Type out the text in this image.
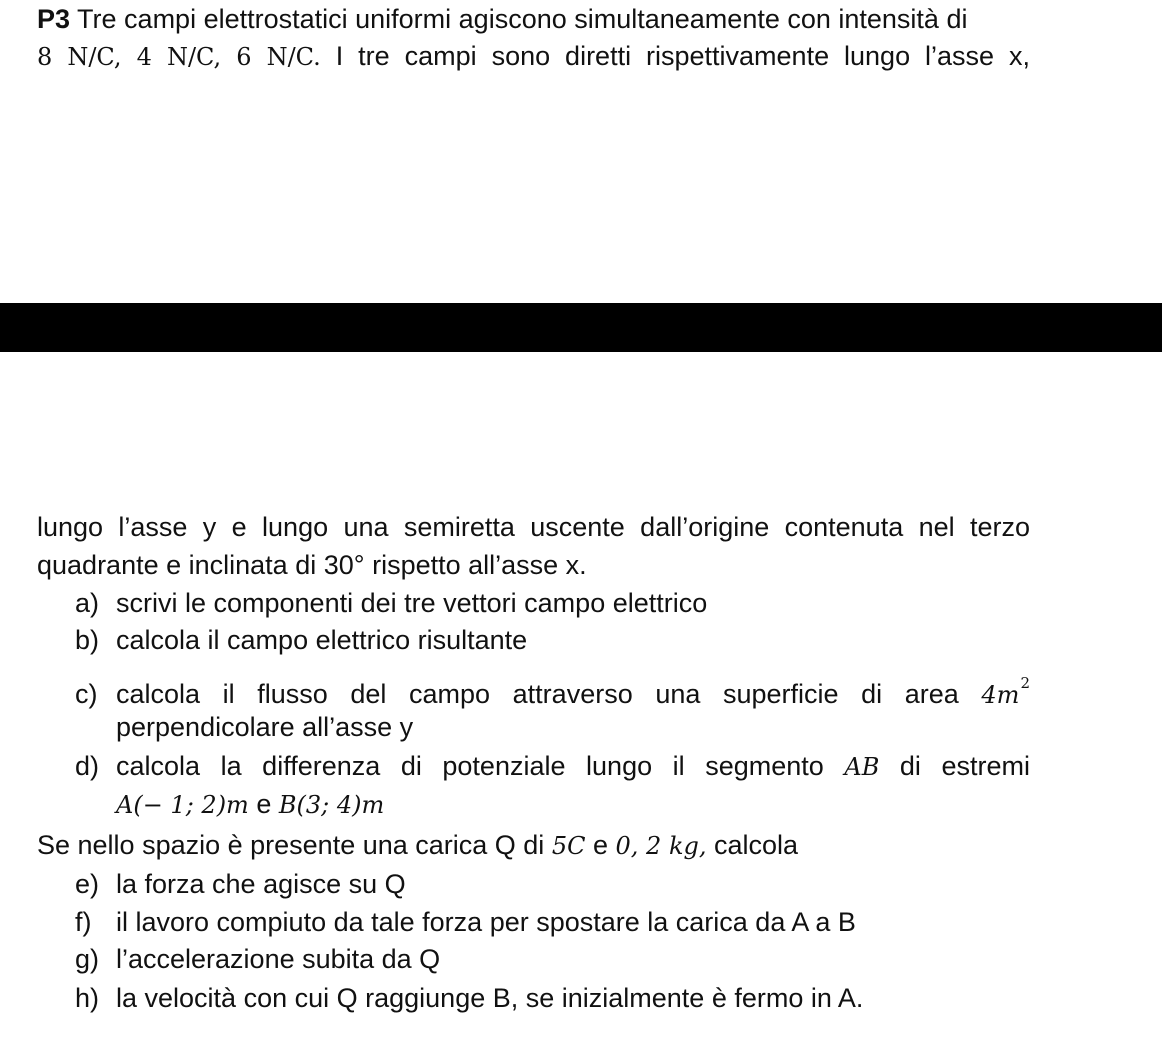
P3 Tre campi elettrostatici uniformi agiscono simultaneamente con intensità di
8 N/C, 4 N/C, 6 N/C. I tre campi sono diretti rispettivamente lungo l’asse x,
lungo l’asse y e lungo una semiretta uscente dall’origine contenuta nel terzo
quadrante e inclinata di 30° rispetto all’asse x.
a) scrivi le componenti dei tre vettori campo elettrico
b) calcola il campo elettrico risultante
c) calcola il flusso del campo attraverso una superficie di area $4m^2$
perpendicolare all’asse y
d) calcola la differenza di potenziale lungo il segmento AB di estremi
A(− 1; 2)m e B(3; 4)m
Se nello spazio è presente una carica Q di 5C e 0, 2 kg, calcola
e) la forza che agisce su Q
f) il lavoro compiuto da tale forza per spostare la carica da A a B
g) l’accelerazione subita da Q
h) la velocità con cui Q raggiunge B, se inizialmente è fermo in A.
